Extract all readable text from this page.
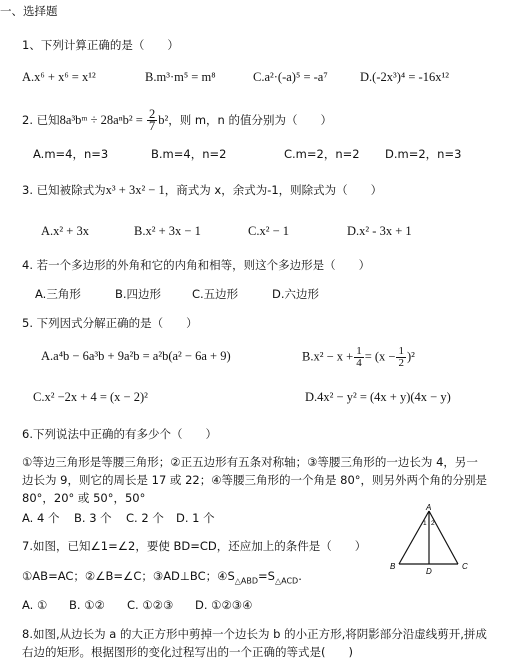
一、选择题
1、下列计算正确的是（　　）
A.x⁶ + x⁶ = x¹²	B.m³·m⁵ = m⁸	C.a²·(-a)⁵ = -a⁷	D.(-2x³)⁴ = -16x¹²
2. 已知8a³bᵐ ÷ $28a^nb^2 = \frac{2}{7} b^2$，则 m，n 的值分别为（　　）
A.m=4，n=3	B.m=4，n=2	C.m=2，n=2 D.m=2，n=3
3. 已知被除式为x³ + 3x² − 1，商式为 x，余式为-1，则除式为（　　）
A.x² + 3x	B.x² + 3x − 1	C.x² − 1	D.x² - 3x + 1
4. 若一个多边形的外角和它的内角和相等，则这个多边形是（　　）
A.三角形	B.四边形	C.五边形	D.六边形
5. 下列因式分解正确的是（　　）
A.a⁴b − 6a³b + 9a²b = a²b(a² − 6a + 9)	$B.x^2 - x + \frac{1}{4} = (x - \frac{1}{2} )^2$
C.x² −2x + 4 = (x − 2)²	D.4x² − y² = (4x + y)(4x − y)
6.下列说法中正确的有多少个（　　）
①等边三角形是等腰三角形；②正五边形有五条对称轴；③等腰三角形的一边长为 4，另一
边长为 9，则它的周长是 17 或 22；④等腰三角形的一个角是 80°，则另外两个角的分别是
80°，20° 或 50°，50°
A. 4 个 B. 3 个 C. 2 个 D. 1 个
7.如图，已知∠1=∠2，要使 BD=CD，还应加上的条件是（　　）
①AB=AC；②∠B=∠C；③AD⊥BC；$④S_{\triangle ABD}=S_{\triangle ACD}$.
A. ① B. ①② C. ①②③ D. ①②③④
A
B	C
D
1 2
8.如图,从边长为 a 的大正方形中剪掉一个边长为 b 的小正方形,将阴影部分沿虚线剪开,拼成
右边的矩形。根据图形的变化过程写出的一个正确的等式是(　　)
